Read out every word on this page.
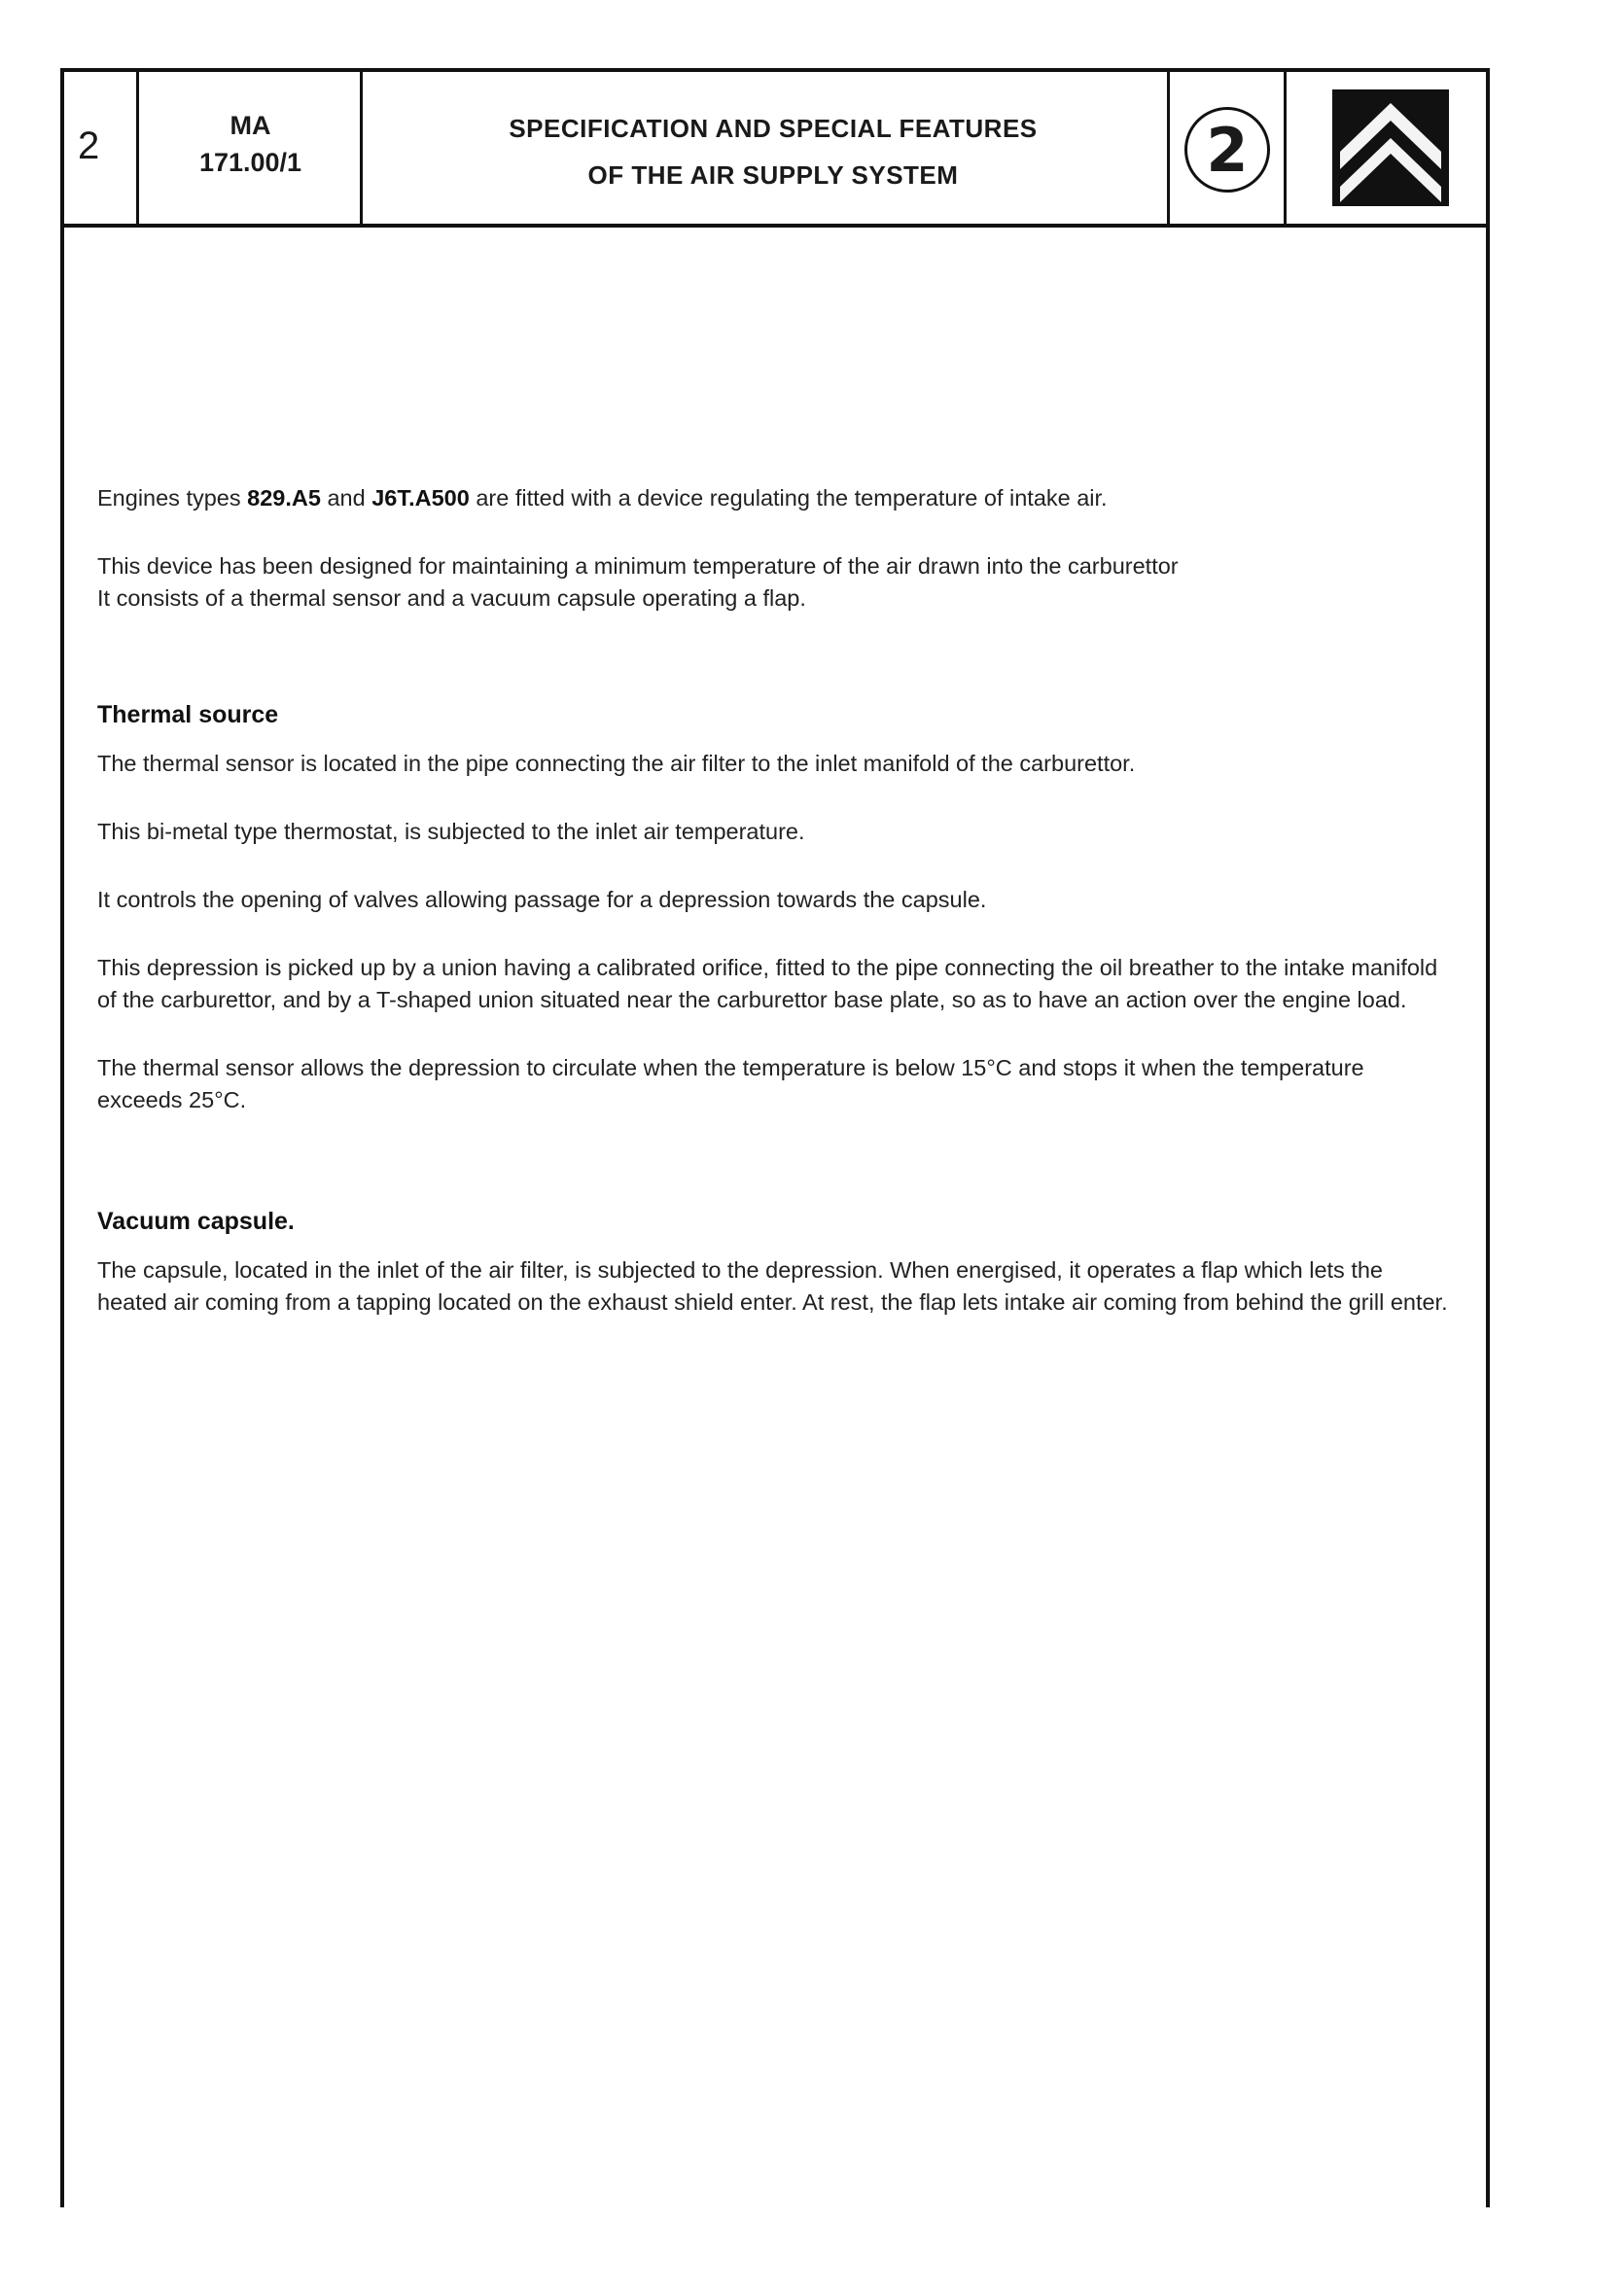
2	MA
171.00/1
SPECIFICATION AND SPECIAL FEATURES
OF THE AIR SUPPLY SYSTEM	2

Engines types 829.A5 and J6T.A500 are fitted with a device regulating the temperature of intake air.

This device has been designed for maintaining a minimum temperature of the air drawn into the carburettor
It consists of a thermal sensor and a vacuum capsule operating a flap.

Thermal source

The thermal sensor is located in the pipe connecting the air filter to the inlet manifold of the carburettor.

This bi-metal type thermostat, is subjected to the inlet air temperature.

It controls the opening of valves allowing passage for a depression towards the capsule.

This depression is picked up by a union having a calibrated orifice, fitted to the pipe connecting the oil breather to the intake manifold of the carburettor, and by a T-shaped union situated near the carburettor base plate, so as to have an action over the engine load.

The thermal sensor allows the depression to circulate when the temperature is below 15°C and stops it when the temperature exceeds 25°C.

Vacuum capsule.

The capsule, located in the inlet of the air filter, is subjected to the depression. When energised, it operates a flap which lets the heated air coming from a tapping located on the exhaust shield enter. At rest, the flap lets intake air coming from behind the grill enter.
